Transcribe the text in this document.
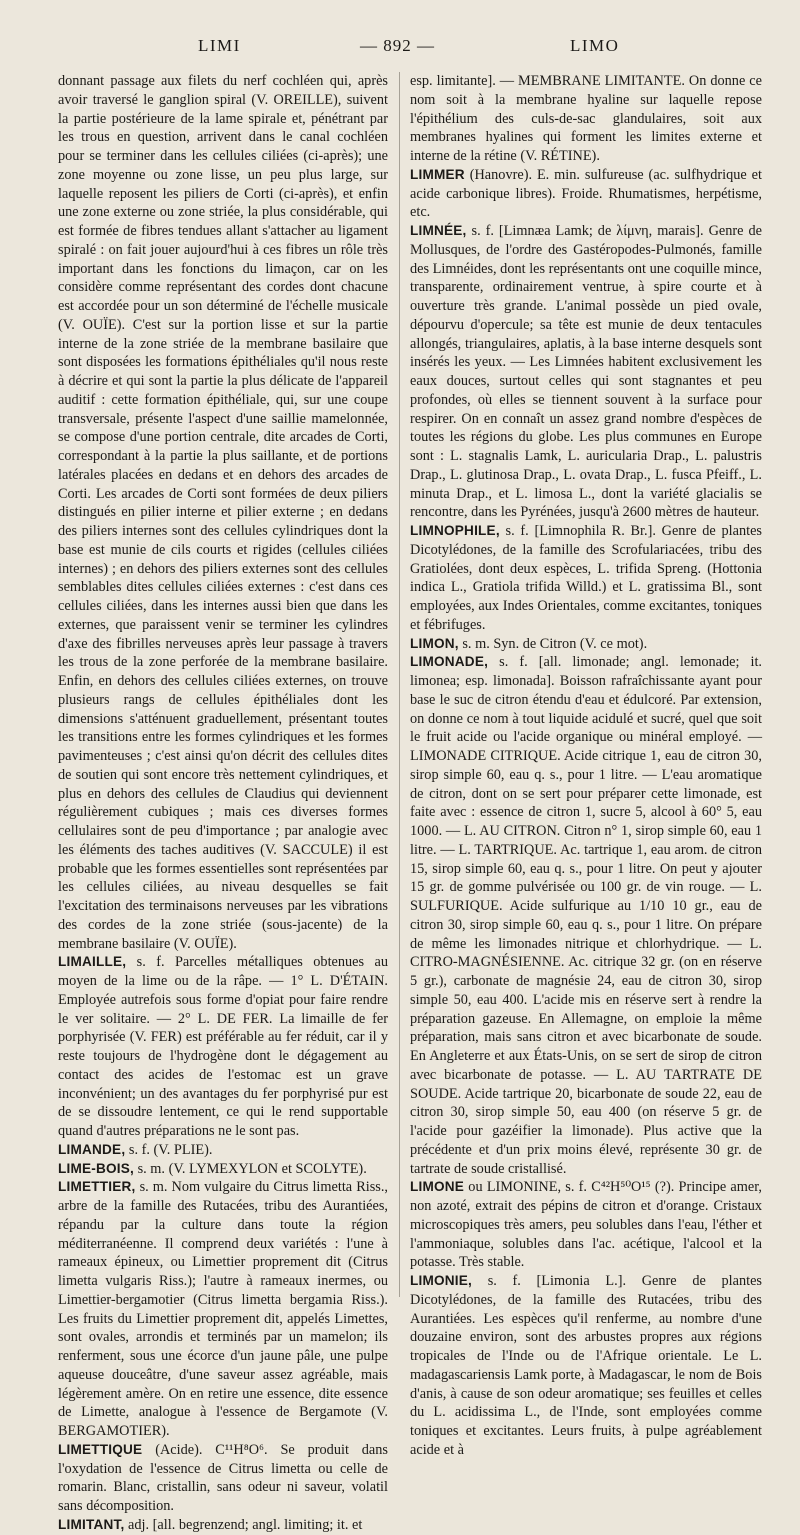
LIMI	— 892 —	LIMO

donnant passage aux filets du nerf cochléen qui, après avoir traversé le ganglion spiral (V. OREILLE), suivent la partie postérieure de la lame spirale et, pénétrant par les trous en question, arrivent dans le canal cochléen pour se terminer dans les cellules ciliées (ci-après); une zone moyenne ou zone lisse, un peu plus large, sur laquelle reposent les piliers de Corti (ci-après), et enfin une zone externe ou zone striée, la plus considérable, qui est formée de fibres tendues allant s'attacher au ligament spiralé : on fait jouer aujourd'hui à ces fibres un rôle très important dans les fonctions du limaçon, car on les considère comme représentant des cordes dont chacune est accordée pour un son déterminé de l'échelle musicale (V. OUÏE). C'est sur la portion lisse et sur la partie interne de la zone striée de la membrane basilaire que sont disposées les formations épithéliales qu'il nous reste à décrire et qui sont la partie la plus délicate de l'appareil auditif : cette formation épithéliale, qui, sur une coupe transversale, présente l'aspect d'une saillie mamelonnée, se compose d'une portion centrale, dite arcades de Corti, correspondant à la partie la plus saillante, et de portions latérales placées en dedans et en dehors des arcades de Corti. Les arcades de Corti sont formées de deux piliers distingués en pilier interne et pilier externe ; en dedans des piliers internes sont des cellules cylindriques dont la base est munie de cils courts et rigides (cellules ciliées internes) ; en dehors des piliers externes sont des cellules semblables dites cellules ciliées externes : c'est dans ces cellules ciliées, dans les internes aussi bien que dans les externes, que paraissent venir se terminer les cylindres d'axe des fibrilles nerveuses après leur passage à travers les trous de la zone perforée de la membrane basilaire. Enfin, en dehors des cellules ciliées externes, on trouve plusieurs rangs de cellules épithéliales dont les dimensions s'atténuent graduellement, présentant toutes les transitions entre les formes cylindriques et les formes pavimenteuses ; c'est ainsi qu'on décrit des cellules dites de soutien qui sont encore très nettement cylindriques, et plus en dehors des cellules de Claudius qui deviennent régulièrement cubiques ; mais ces diverses formes cellulaires sont de peu d'importance ; par analogie avec les éléments des taches auditives (V. SACCULE) il est probable que les formes essentielles sont représentées par les cellules ciliées, au niveau desquelles se fait l'excitation des terminaisons nerveuses par les vibrations des cordes de la zone striée (sous-jacente) de la membrane basilaire (V. OUÏE).

LIMAILLE, s. f. Parcelles métalliques obtenues au moyen de la lime ou de la râpe. — 1° L. D'ÉTAIN. Employée autrefois sous forme d'opiat pour faire rendre le ver solitaire. — 2° L. DE FER. La limaille de fer porphyrisée (V. FER) est préférable au fer réduit, car il y reste toujours de l'hydrogène dont le dégagement au contact des acides de l'estomac est un grave inconvénient; un des avantages du fer porphyrisé pur est de se dissoudre lentement, ce qui le rend supportable quand d'autres préparations ne le sont pas.

LIMANDE, s. f. (V. PLIE).

LIME-BOIS, s. m. (V. LYMEXYLON et SCOLYTE).

LIMETTIER, s. m. Nom vulgaire du Citrus limetta Riss., arbre de la famille des Rutacées, tribu des Aurantiées, répandu par la culture dans toute la région méditerranéenne. Il comprend deux variétés : l'une à rameaux épineux, ou Limettier proprement dit (Citrus limetta vulgaris Riss.); l'autre à rameaux inermes, ou Limettier-bergamotier (Citrus limetta bergamia Riss.). Les fruits du Limettier proprement dit, appelés Limettes, sont ovales, arrondis et terminés par un mamelon; ils renferment, sous une écorce d'un jaune pâle, une pulpe aqueuse douceâtre, d'une saveur assez agréable, mais légèrement amère. On en retire une essence, dite essence de Limette, analogue à l'essence de Bergamote (V. BERGAMOTIER).

LIMETTIQUE (Acide). C¹¹H⁸O⁶. Se produit dans l'oxydation de l'essence de Citrus limetta ou celle de romarin. Blanc, cristallin, sans odeur ni saveur, volatil sans décomposition.

LIMITANT, adj. [all. begrenzend; angl. limiting; it. et

esp. limitante]. — MEMBRANE LIMITANTE. On donne ce nom soit à la membrane hyaline sur laquelle repose l'épithélium des culs-de-sac glandulaires, soit aux membranes hyalines qui forment les limites externe et interne de la rétine (V. RÉTINE).

LIMMER (Hanovre). E. min. sulfureuse (ac. sulfhydrique et acide carbonique libres). Froide. Rhumatismes, herpétisme, etc.

LIMNÉE, s. f. [Limnæa Lamk; de λίμνη, marais]. Genre de Mollusques, de l'ordre des Gastéropodes-Pulmonés, famille des Limnéides, dont les représentants ont une coquille mince, transparente, ordinairement ventrue, à spire courte et à ouverture très grande. L'animal possède un pied ovale, dépourvu d'opercule; sa tête est munie de deux tentacules allongés, triangulaires, aplatis, à la base interne desquels sont insérés les yeux. — Les Limnées habitent exclusivement les eaux douces, surtout celles qui sont stagnantes et peu profondes, où elles se tiennent souvent à la surface pour respirer. On en connaît un assez grand nombre d'espèces de toutes les régions du globe. Les plus communes en Europe sont : L. stagnalis Lamk, L. auricularia Drap., L. palustris Drap., L. glutinosa Drap., L. ovata Drap., L. fusca Pfeiff., L. minuta Drap., et L. limosa L., dont la variété glacialis se rencontre, dans les Pyrénées, jusqu'à 2600 mètres de hauteur.

LIMNOPHILE, s. f. [Limnophila R. Br.]. Genre de plantes Dicotylédones, de la famille des Scrofulariacées, tribu des Gratiolées, dont deux espèces, L. trifida Spreng. (Hottonia indica L., Gratiola trifida Willd.) et L. gratissima Bl., sont employées, aux Indes Orientales, comme excitantes, toniques et fébrifuges.

LIMON, s. m. Syn. de Citron (V. ce mot).

LIMONADE, s. f. [all. limonade; angl. lemonade; it. limonea; esp. limonada]. Boisson rafraîchissante ayant pour base le suc de citron étendu d'eau et édulcoré. Par extension, on donne ce nom à tout liquide acidulé et sucré, quel que soit le fruit acide ou l'acide organique ou minéral employé. — LIMONADE CITRIQUE. Acide citrique 1, eau de citron 30, sirop simple 60, eau q. s., pour 1 litre. — L'eau aromatique de citron, dont on se sert pour préparer cette limonade, est faite avec : essence de citron 1, sucre 5, alcool à 60° 5, eau 1000. — L. AU CITRON. Citron n° 1, sirop simple 60, eau 1 litre. — L. TARTRIQUE. Ac. tartrique 1, eau arom. de citron 15, sirop simple 60, eau q. s., pour 1 litre. On peut y ajouter 15 gr. de gomme pulvérisée ou 100 gr. de vin rouge. — L. SULFURIQUE. Acide sulfurique au 1/10 10 gr., eau de citron 30, sirop simple 60, eau q. s., pour 1 litre. On prépare de même les limonades nitrique et chlorhydrique. — L. CITRO-MAGNÉSIENNE. Ac. citrique 32 gr. (on en réserve 5 gr.), carbonate de magnésie 24, eau de citron 30, sirop simple 50, eau 400. L'acide mis en réserve sert à rendre la préparation gazeuse. En Allemagne, on emploie la même préparation, mais sans citron et avec bicarbonate de soude. En Angleterre et aux États-Unis, on se sert de sirop de citron avec bicarbonate de potasse. — L. AU TARTRATE DE SOUDE. Acide tartrique 20, bicarbonate de soude 22, eau de citron 30, sirop simple 50, eau 400 (on réserve 5 gr. de l'acide pour gazéifier la limonade). Plus active que la précédente et d'un prix moins élevé, représente 30 gr. de tartrate de soude cristallisé.

LIMONE ou LIMONINE, s. f. C⁴²H⁵⁰O¹⁵ (?). Principe amer, non azoté, extrait des pépins de citron et d'orange. Cristaux microscopiques très amers, peu solubles dans l'eau, l'éther et l'ammoniaque, solubles dans l'ac. acétique, l'alcool et la potasse. Très stable.

LIMONIE, s. f. [Limonia L.]. Genre de plantes Dicotylédones, de la famille des Rutacées, tribu des Aurantiées. Les espèces qu'il renferme, au nombre d'une douzaine environ, sont des arbustes propres aux régions tropicales de l'Inde ou de l'Afrique orientale. Le L. madagascariensis Lamk porte, à Madagascar, le nom de Bois d'anis, à cause de son odeur aromatique; ses feuilles et celles du L. acidissima L., de l'Inde, sont employées comme toniques et excitantes. Leurs fruits, à pulpe agréablement acide et à
